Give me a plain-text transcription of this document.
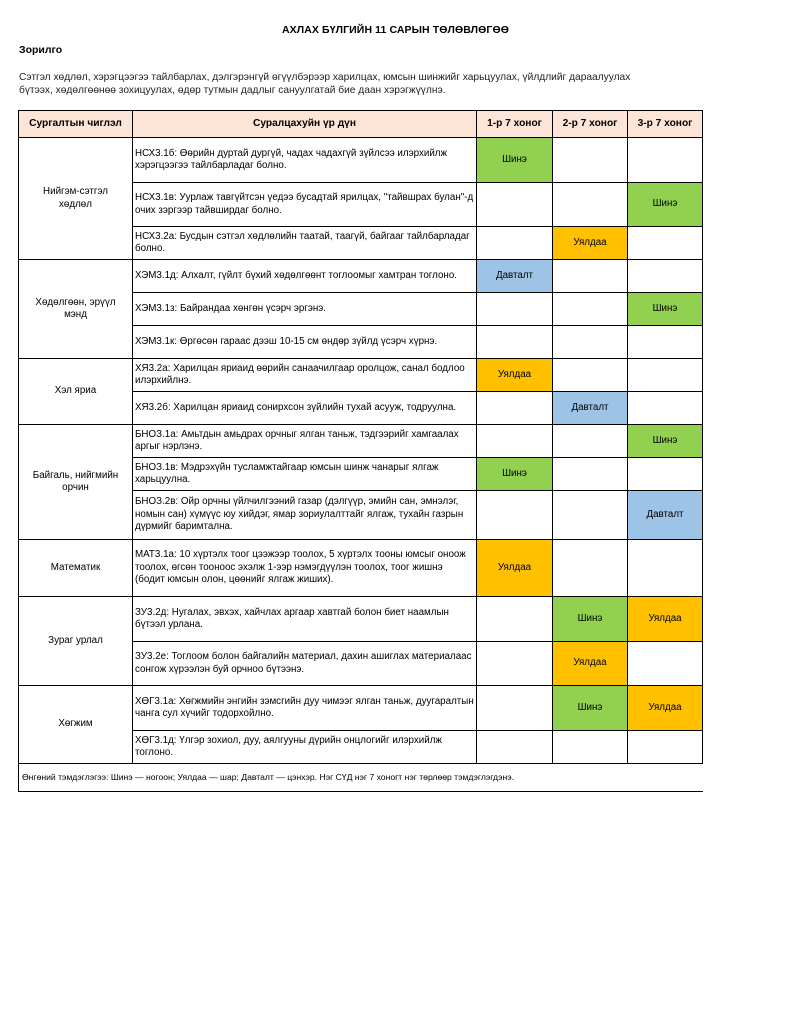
АХЛАХ БҮЛГИЙН 11 САРЫН ТӨЛӨВЛӨГӨӨ
Зорилго
Сэтгэл хөдлөл, хэрэгцээгээ тайлбарлах, дэлгэрэнгүй өгүүлбэрээр харилцах, юмсын шинжийг харьцуулах, үйлдлийг дараалуулах
бүтээх, хөдөлгөөнөө зохицуулах, өдөр тутмын дадлыг сануулгатай бие даан хэрэгжүүлнэ.
Сургалтын чиглэл	Суралцахуйн үр дүн	1-р 7 хоног	2-р 7 хоног	3-р 7 хоног
Нийгэм-сэтгэл
хөдлөл	НСХ3.1б: Өөрийн дуртай дургүй, чадах чадахгүй зүйлсээ илэрхийлж хэрэгцээгээ тайлбарладаг болно.	Шинэ		
	НСХ3.1в: Уурлаж тавгүйтсэн үедээ бусадтай ярилцах, "тайвшрах булан"-д очих зэргээр тайвширдаг болно.			Шинэ
	НСХ3.2а: Бусдын сэтгэл хөдлөлийн таатай, таагүй, байгааг тайлбарладаг болно.		Уялдаа	
Хөдөлгөөн, эрүүл
мэнд	ХЭМ3.1д: Алхалт, гүйлт бүхий хөдөлгөөнт тоглоомыг хамтран тоглоно.	Давталт		
	ХЭМ3.1з: Байрандаа хөнгөн үсэрч эргэнэ.			Шинэ
	ХЭМ3.1к: Өргөсөн гараас дээш 10-15 см өндөр зүйлд үсэрч хүрнэ.			
Хэл яриа	ХЯ3.2а: Харилцан яриаид өөрийн санаачилгаар оролцож, санал бодлоо илэрхийлнэ.	Уялдаа		
	ХЯ3.2б: Харилцан яриаид сонирхсон зүйлийн тухай асууж, тодруулна.		Давталт	
Байгаль, нийгмийн
орчин	БНОЗ.1а: Амьтдын амьдрах орчныг ялган таньж, тэдгээрийг хамгаалах аргыг нэрлэнэ.			Шинэ
	БНОЗ.1в: Мэдрэхүйн тусламжтайгаар юмсын шинж чанарыг ялгаж харьцуулна.	Шинэ		
	БНОЗ.2в: Ойр орчны үйлчилгээний газар (дэлгүүр, эмийн сан, эмнэлэг, номын сан) хүмүүс юу хийдэг, ямар зориулалттайг ялгаж, тухайн газрын дүрмийг баримтална.			Давталт
Математик	МАТ3.1а: 10 хүртэлх тоог цээжээр тоолох, 5 хүртэлх тооны юмсыг оноож тоолох, өгсөн тооноос эхэлж 1-ээр нэмэгдүүлэн тоолох, тоог жишнэ (бодит юмсын олон, цөөнийг ялгаж жиших).	Уялдаа		
Зураг урлал	ЗУ3.2д: Нугалах, эвхэх, хайчлах аргаар хавтгай болон биет наамлын бүтээл урлана.		Шинэ	Уялдаа
	ЗУ3.2е: Тоглоом болон байгалийн материал, дахин ашиглах материалаас сонгож хүрээлэн буй орчноо бүтээнэ.		Уялдаа	
Хөгжим	ХӨГ3.1а: Хөгжмийн энгийн зэмсгийн дуу чимээг ялган таньж, дуугаралтын чанга сул хүчийг тодорхойлно.		Шинэ	Уялдаа
	ХӨГ3.1д: Үлгэр зохиол, дуу, аялгууны дүрийн онцлогийг илэрхийлж тоглоно.			
Өнгөний тэмдэглэгээ: Шинэ — ногоон; Уялдаа — шар; Давталт — цэнхэр. Нэг СҮД нэг 7 хоногт нэг төрлөөр тэмдэглэгдэнэ.				
